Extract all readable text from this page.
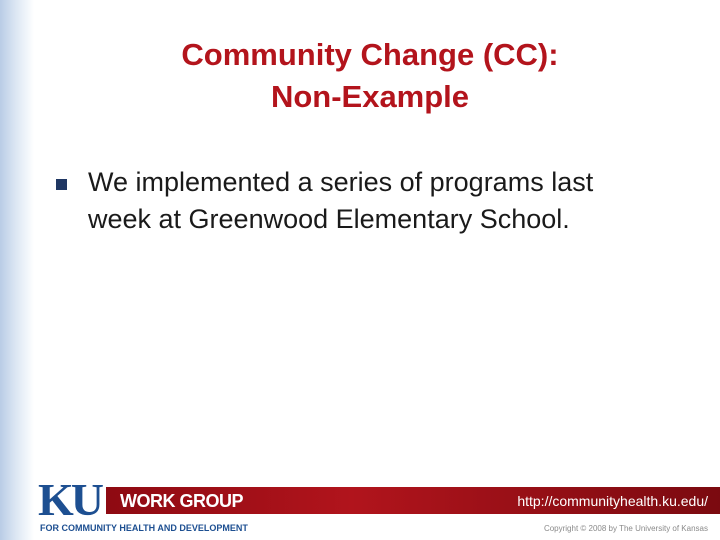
Community Change (CC):
Non-Example
We implemented a series of programs last
week at Greenwood Elementary School.
KU WORK GROUP	http://communityhealth.ku.edu/
FOR COMMUNITY HEALTH AND DEVELOPMENT	Copyright © 2008 by The University of Kansas
